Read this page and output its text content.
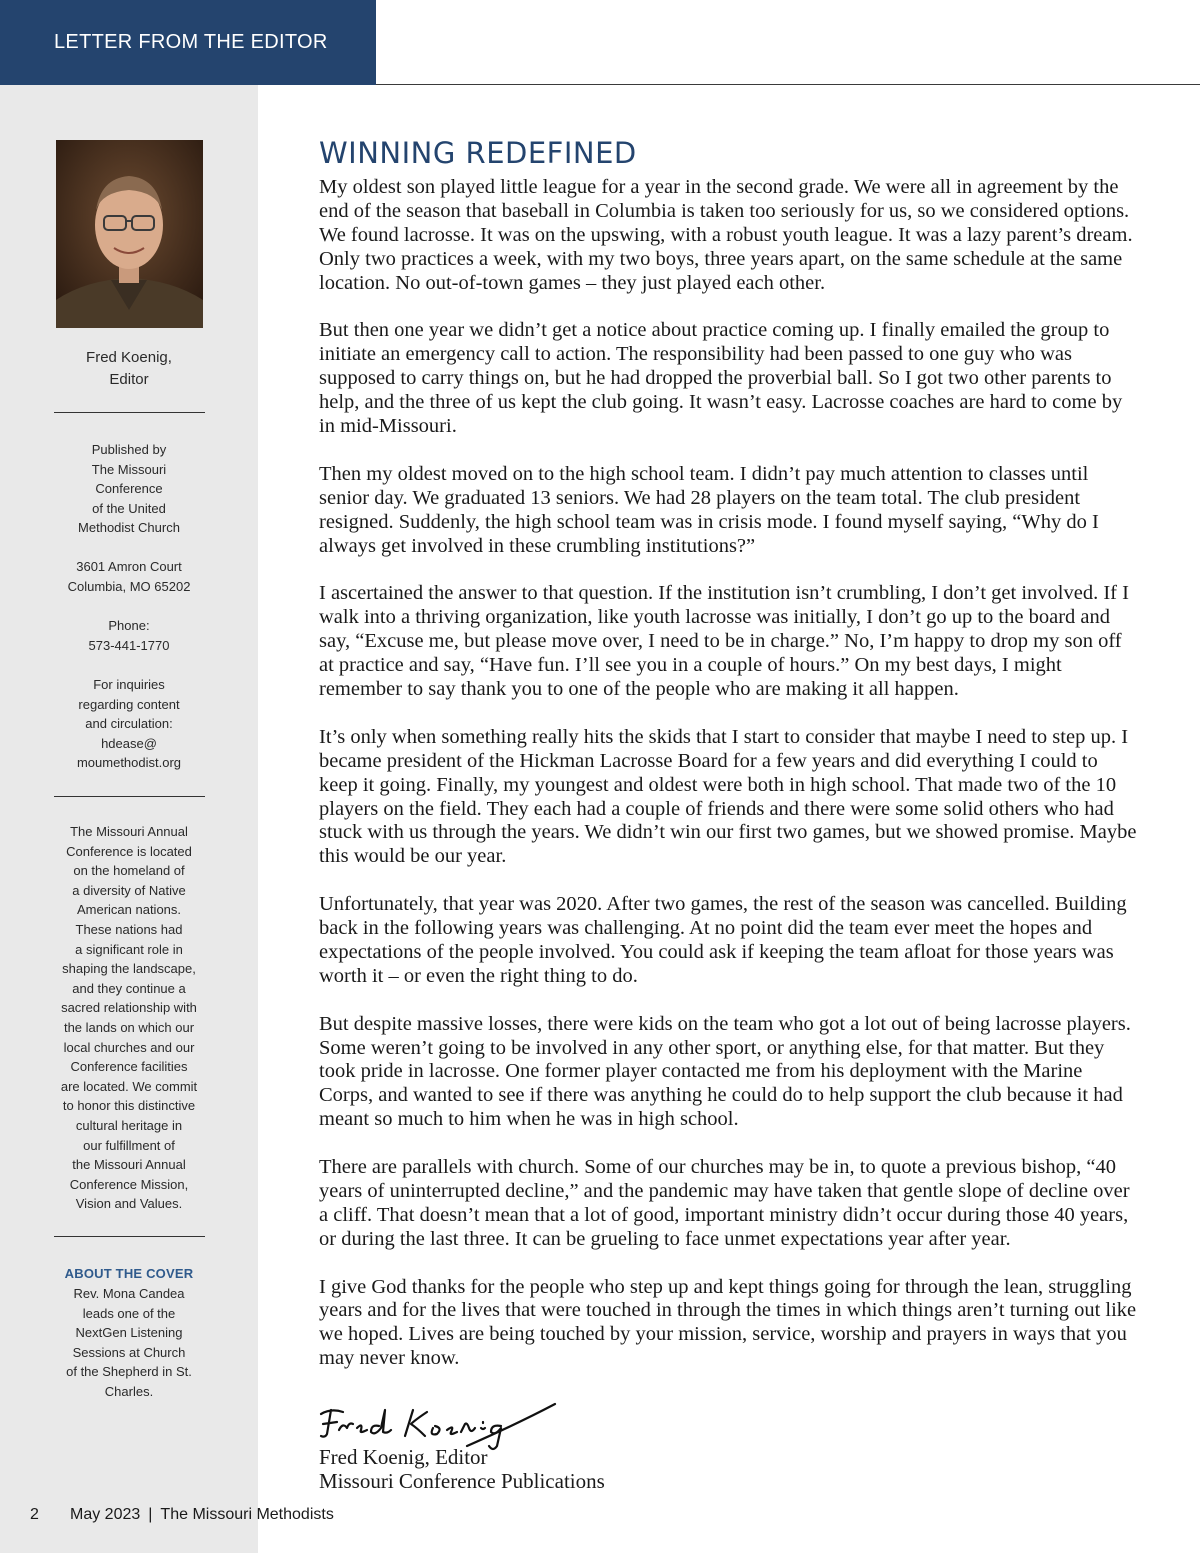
LETTER FROM THE EDITOR
Fred Koenig,
Editor
Published by
The Missouri
Conference
of the United
Methodist Church
3601 Amron Court
Columbia, MO 65202
Phone:
573-441-1770
For inquiries
regarding content
and circulation:
hdease@
moumethodist.org
The Missouri Annual
Conference is located
on the homeland of
a diversity of Native
American nations.
These nations had
a significant role in
shaping the landscape,
and they continue a
sacred relationship with
the lands on which our
local churches and our
Conference facilities
are located. We commit
to honor this distinctive
cultural heritage in
our fulfillment of
the Missouri Annual
Conference Mission,
Vision and Values.
ABOUT THE COVER
Rev. Mona Candea
leads one of the
NextGen Listening
Sessions at Church
of the Shepherd in St.
Charles.
WINNING REDEFINED

My oldest son played little league for a year in the second grade. We were all in agreement by the end of the season that baseball in Columbia is taken too seriously for us, so we considered options. We found lacrosse. It was on the upswing, with a robust youth league. It was a lazy parent’s dream. Only two practices a week, with my two boys, three years apart, on the same schedule at the same location. No out-of-town games – they just played each other.

But then one year we didn’t get a notice about practice coming up. I finally emailed the group to initiate an emergency call to action. The responsibility had been passed to one guy who was supposed to carry things on, but he had dropped the proverbial ball. So I got two other parents to help, and the three of us kept the club going. It wasn’t easy. Lacrosse coaches are hard to come by in mid-Missouri.

Then my oldest moved on to the high school team. I didn’t pay much attention to classes until senior day. We graduated 13 seniors. We had 28 players on the team total. The club president resigned. Suddenly, the high school team was in crisis mode. I found myself saying, “Why do I always get involved in these crumbling institutions?”

I ascertained the answer to that question. If the institution isn’t crumbling, I don’t get involved. If I walk into a thriving organization, like youth lacrosse was initially, I don’t go up to the board and say, “Excuse me, but please move over, I need to be in charge.” No, I’m happy to drop my son off at practice and say, “Have fun. I’ll see you in a couple of hours.” On my best days, I might remember to say thank you to one of the people who are making it all happen.

It’s only when something really hits the skids that I start to consider that maybe I need to step up. I became president of the Hickman Lacrosse Board for a few years and did everything I could to keep it going. Finally, my youngest and oldest were both in high school. That made two of the 10 players on the field. They each had a couple of friends and there were some solid others who had stuck with us through the years. We didn’t win our first two games, but we showed promise. Maybe this would be our year.

Unfortunately, that year was 2020. After two games, the rest of the season was cancelled. Building back in the following years was challenging. At no point did the team ever meet the hopes and expectations of the people involved. You could ask if keeping the team afloat for those years was worth it – or even the right thing to do.

But despite massive losses, there were kids on the team who got a lot out of being lacrosse players. Some weren’t going to be involved in any other sport, or anything else, for that matter. But they took pride in lacrosse. One former player contacted me from his deployment with the Marine Corps, and wanted to see if there was anything he could do to help support the club because it had meant so much to him when he was in high school.

There are parallels with church. Some of our churches may be in, to quote a previous bishop, “40 years of uninterrupted decline,” and the pandemic may have taken that gentle slope of decline over a cliff. That doesn’t mean that a lot of good, important ministry didn’t occur during those 40 years, or during the last three. It can be grueling to face unmet expectations year after year.

I give God thanks for the people who step up and kept things going for through the lean, struggling years and for the lives that were touched in through the times in which things aren’t turning out like we hoped. Lives are being touched by your mission, service, worship and prayers in ways that you may never know.

Fred Koenig, Editor
Missouri Conference Publications
2	May 2023 | The Missouri Methodists
